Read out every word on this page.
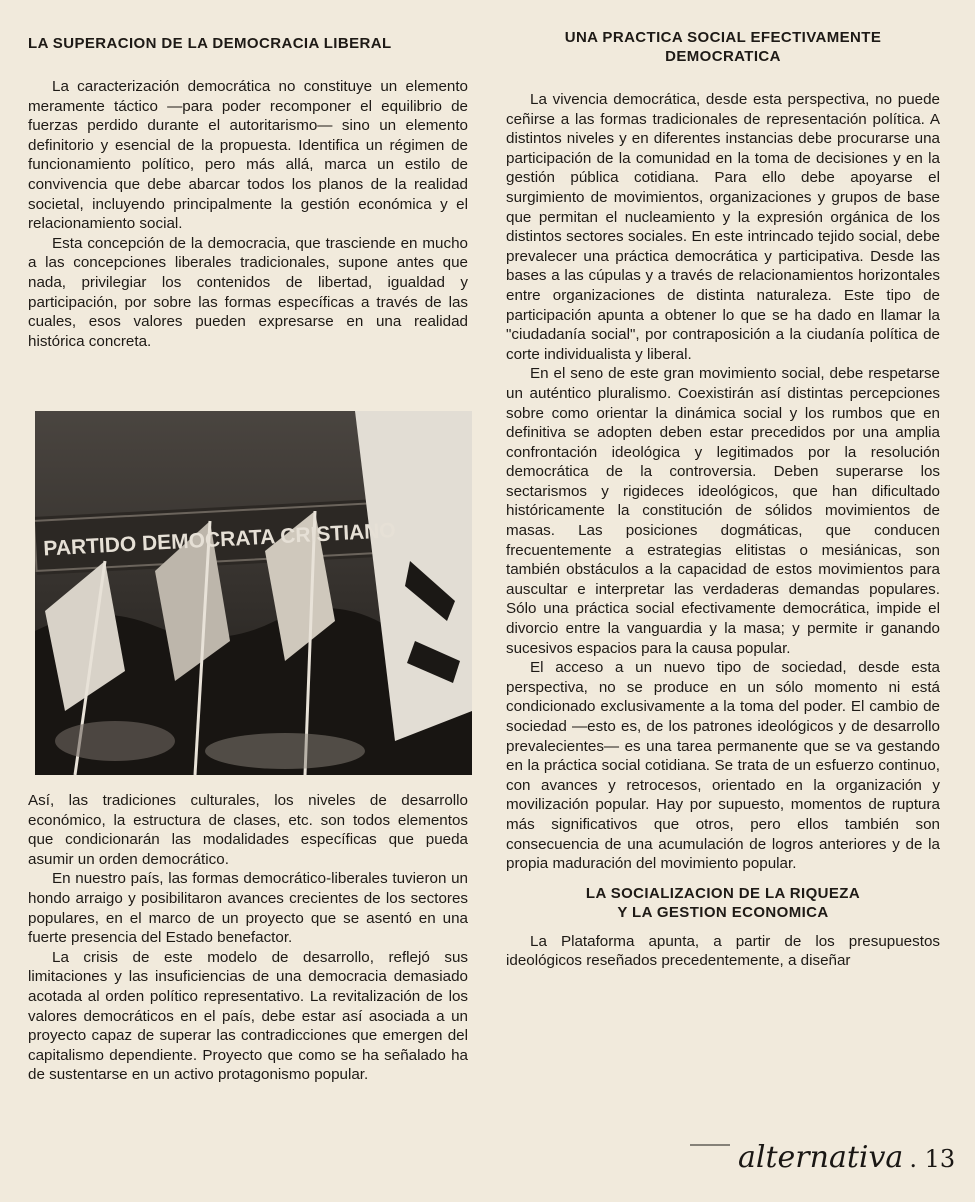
LA SUPERACION DE LA DEMOCRACIA LIBERAL

La caracterización democrática no constituye un elemento meramente táctico —para poder recomponer el equilibrio de fuerzas perdido durante el autoritarismo— sino un elemento definitorio y esencial de la propuesta. Identifica un régimen de funcionamiento político, pero más allá, marca un estilo de convivencia que debe abarcar todos los planos de la realidad societal, incluyendo principalmente la gestión económica y el relacionamiento social.

Esta concepción de la democracia, que trasciende en mucho a las concepciones liberales tradicionales, supone antes que nada, privilegiar los contenidos de libertad, igualdad y participación, por sobre las formas específicas a través de las cuales, esos valores pueden expresarse en una realidad histórica concreta.

PARTIDO DEMOCRATA CRISTIANO

Así, las tradiciones culturales, los niveles de desarrollo económico, la estructura de clases, etc. son todos elementos que condicionarán las modalidades específicas que pueda asumir un orden democrático.

En nuestro país, las formas democrático-liberales tuvieron un hondo arraigo y posibilitaron avances crecientes de los sectores populares, en el marco de un proyecto que se asentó en una fuerte presencia del Estado benefactor.

La crisis de este modelo de desarrollo, reflejó sus limitaciones y las insuficiencias de una democracia demasiado acotada al orden político representativo. La revitalización de los valores democráticos en el país, debe estar así asociada a un proyecto capaz de superar las contradicciones que emergen del capitalismo dependiente. Proyecto que como se ha señalado ha de sustentarse en un activo protagonismo popular.

UNA PRACTICA SOCIAL EFECTIVAMENTE
DEMOCRATICA

La vivencia democrática, desde esta perspectiva, no puede ceñirse a las formas tradicionales de representación política. A distintos niveles y en diferentes instancias debe procurarse una participación de la comunidad en la toma de decisiones y en la gestión pública cotidiana. Para ello debe apoyarse el surgimiento de movimientos, organizaciones y grupos de base que permitan el nucleamiento y la expresión orgánica de los distintos sectores sociales. En este intrincado tejido social, debe prevalecer una práctica democrática y participativa. Desde las bases a las cúpulas y a través de relacionamientos horizontales entre organizaciones de distinta naturaleza. Este tipo de participación apunta a obtener lo que se ha dado en llamar la "ciudadanía social", por contraposición a la ciudanía política de corte individualista y liberal.

En el seno de este gran movimiento social, debe respetarse un auténtico pluralismo. Coexistirán así distintas percepciones sobre como orientar la dinámica social y los rumbos que en definitiva se adopten deben estar precedidos por una amplia confrontación ideológica y legitimados por la resolución democrática de la controversia. Deben superarse los sectarismos y rigideces ideológicos, que han dificultado históricamente la constitución de sólidos movimientos de masas. Las posiciones dogmáticas, que conducen frecuentemente a estrategias elitistas o mesiánicas, son también obstáculos a la capacidad de estos movimientos para auscultar e interpretar las verdaderas demandas populares. Sólo una práctica social efectivamente democrática, impide el divorcio entre la vanguardia y la masa; y permite ir ganando sucesivos espacios para la causa popular.

El acceso a un nuevo tipo de sociedad, desde esta perspectiva, no se produce en un sólo momento ni está condicionado exclusivamente a la toma del poder. El cambio de sociedad —esto es, de los patrones ideológicos y de desarrollo prevalecientes— es una tarea permanente que se va gestando en la práctica social cotidiana. Se trata de un esfuerzo continuo, con avances y retrocesos, orientado en la organización y movilización popular. Hay por supuesto, momentos de ruptura más significativos que otros, pero ellos también son consecuencia de una acumulación de logros anteriores y de la propia maduración del movimiento popular.

LA SOCIALIZACION DE LA RIQUEZA
Y LA GESTION ECONOMICA

La Plataforma apunta, a partir de los presupuestos ideológicos reseñados precedentemente, a diseñar

alternativa . 13
